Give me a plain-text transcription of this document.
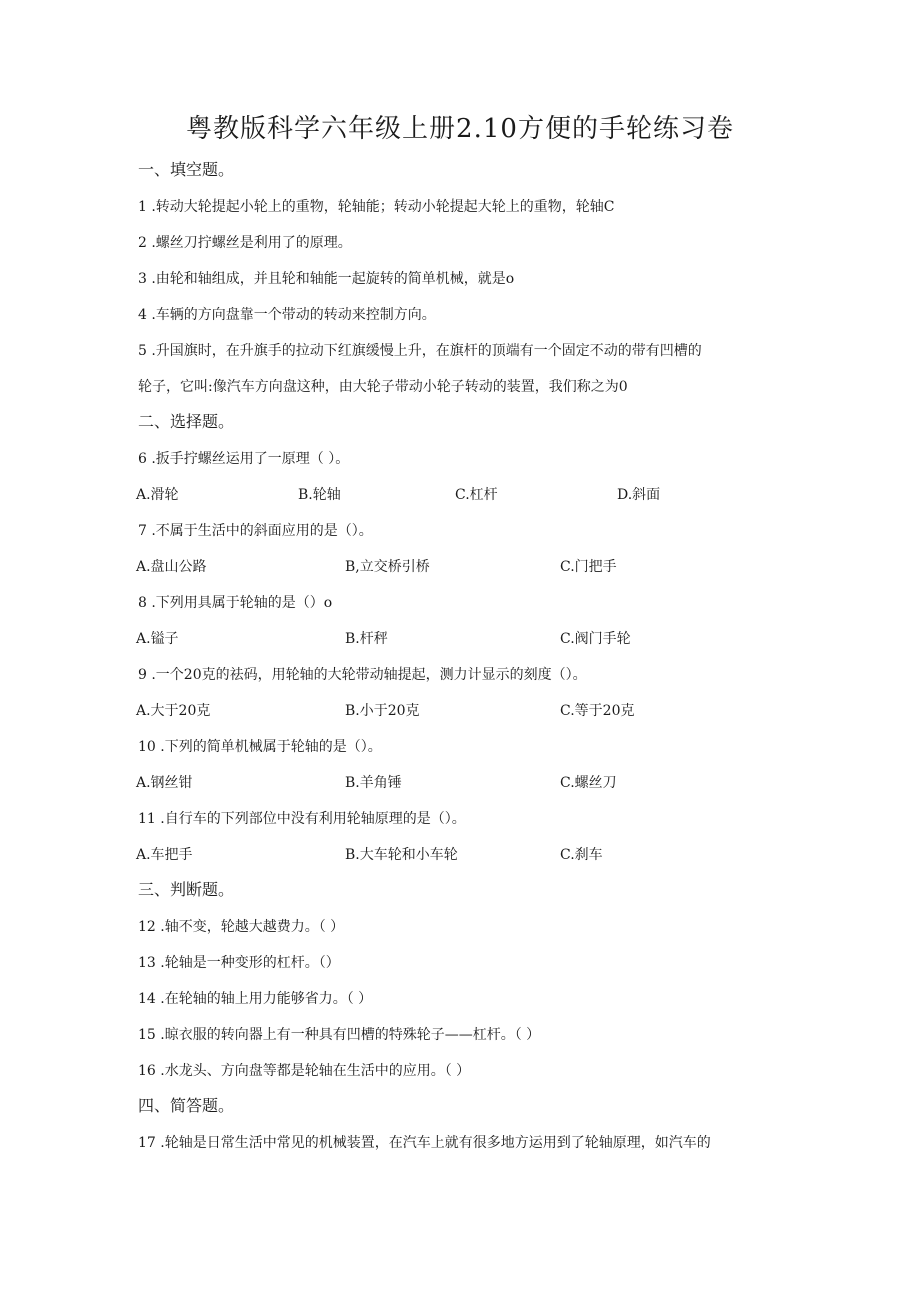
粤教版科学六年级上册2.10方便的手轮练习卷
一、填空题。
1 .转动大轮提起小轮上的重物，轮轴能；转动小轮提起大轮上的重物，轮轴C
2 .螺丝刀拧螺丝是利用了的原理。
3 .由轮和轴组成，并且轮和轴能一起旋转的简单机械，就是o
4 .车辆的方向盘靠一个带动的转动来控制方向。
5 .升国旗时，在升旗手的拉动下红旗缓慢上升，在旗杆的顶端有一个固定不动的带有凹槽的
轮子，它叫:像汽车方向盘这种，由大轮子带动小轮子转动的装置，我们称之为0
二、选择题。
6 .扳手拧螺丝运用了一原理（ ）。
A.滑轮	B.轮轴	C.杠杆	D.斜面
7 .不属于生活中的斜面应用的是（）。
A.盘山公路	B,立交桥引桥	C.门把手
8 .下列用具属于轮轴的是（）o
A.镒子	B.杆秤	C.阀门手轮
9 .一个20克的祛码，用轮轴的大轮带动轴提起，测力计显示的刻度（）。
A.大于20克	B.小于20克	C.等于20克
10 .下列的简单机械属于轮轴的是（）。
A.钢丝钳	B.羊角锤	C.螺丝刀
11 .自行车的下列部位中没有利用轮轴原理的是（）。
A.车把手	B.大车轮和小车轮	C.刹车
三、判断题。
12 .轴不变，轮越大越费力。（ ）
13 .轮轴是一种变形的杠杆。（）
14 .在轮轴的轴上用力能够省力。（ ）
15 .晾衣服的转向器上有一种具有凹槽的特殊轮子——杠杆。（ ）
16 .水龙头、方向盘等都是轮轴在生活中的应用。（ ）
四、简答题。
17 .轮轴是日常生活中常见的机械装置，在汽车上就有很多地方运用到了轮轴原理，如汽车的
